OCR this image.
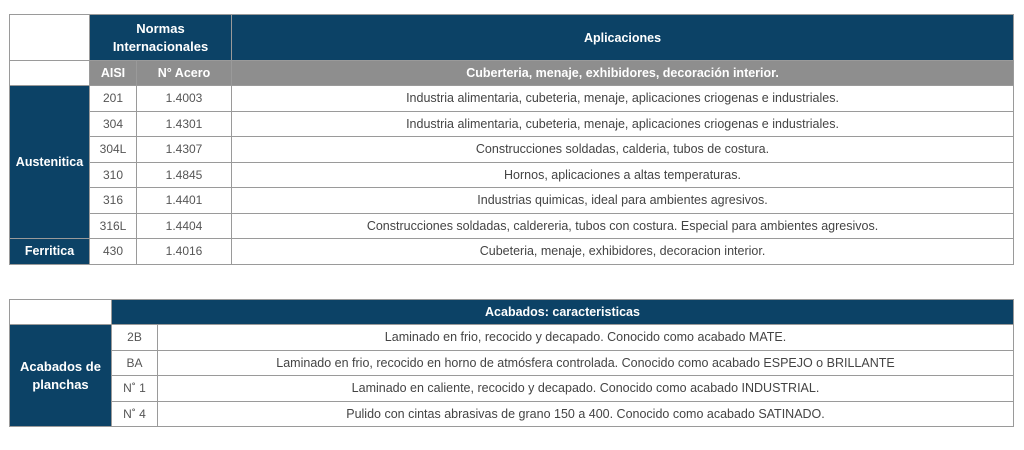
	Normas Internacionales		Aplicaciones
	AISI	N° Acero	Cuberteria, menaje, exhibidores, decoración interior.
Austenitica	201	1.4003	Industria alimentaria, cubeteria, menaje, aplicaciones criogenas e industriales.
	304	1.4301	Industria alimentaria, cubeteria, menaje, aplicaciones criogenas e industriales.
	304L	1.4307	Construcciones soldadas, calderia, tubos de costura.
	310	1.4845	Hornos, aplicaciones a altas temperaturas.
	316	1.4401	Industrias quimicas, ideal para ambientes agresivos.
	316L	1.4404	Construcciones soldadas, caldereria, tubos con costura. Especial para ambientes agresivos.
Ferritica	430	1.4016	Cubeteria, menaje, exhibidores, decoracion interior.
	Acabados: caracteristicas	
Acabados de planchas	2B	Laminado en frio, recocido y decapado. Conocido como acabado MATE.
	BA	Laminado en frio, recocido en horno de atmósfera controlada. Conocido como acabado ESPEJO o BRILLANTE
	N˚ 1	Laminado en caliente, recocido y decapado. Conocido como acabado INDUSTRIAL.
	N˚ 4	Pulido con cintas abrasivas de grano 150 a 400. Conocido como acabado SATINADO.
